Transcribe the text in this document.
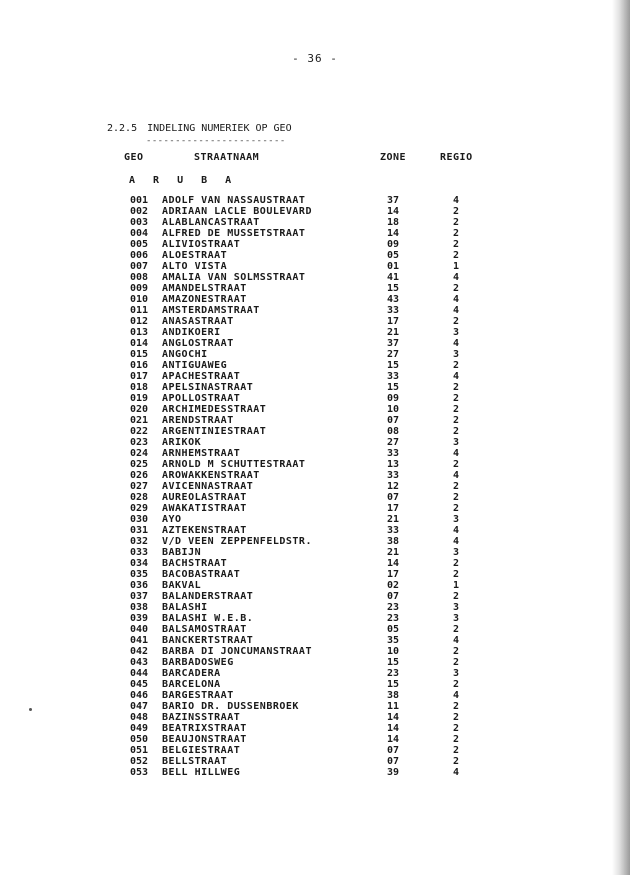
- 36 -
2.2.5 INDELING NUMERIEK OP GEO
------------------------
GEO	STRAATNAAM	ZONE	REGIO
A R U B A
001 ADOLF VAN NASSAUSTRAAT	37	4
002 ADRIAAN LACLE BOULEVARD	14	2
003 ALABLANCASTRAAT	18	2
004 ALFRED DE MUSSETSTRAAT	14	2
005 ALIVIOSTRAAT	09	2
006 ALOESTRAAT	05	2
007 ALTO VISTA	01	1
008 AMALIA VAN SOLMSSTRAAT	41	4
009 AMANDELSTRAAT	15	2
010 AMAZONESTRAAT	43	4
011 AMSTERDAMSTRAAT	33	4
012 ANASASTRAAT	17	2
013 ANDIKOERI	21	3
014 ANGLOSTRAAT	37	4
015 ANGOCHI	27	3
016 ANTIGUAWEG	15	2
017 APACHESTRAAT	33	4
018 APELSINASTRAAT	15	2
019 APOLLOSTRAAT	09	2
020 ARCHIMEDESSTRAAT	10	2
021 ARENDSTRAAT	07	2
022 ARGENTINIESTRAAT	08	2
023 ARIKOK	27	3
024 ARNHEMSTRAAT	33	4
025 ARNOLD M SCHUTTESTRAAT	13	2
026 AROWAKKENSTRAAT	33	4
027 AVICENNASTRAAT	12	2
028 AUREOLASTRAAT	07	2
029 AWAKATISTRAAT	17	2
030 AYO	21	3
031 AZTEKENSTRAAT	33	4
032 V/D VEEN ZEPPENFELDSTR.	38	4
033 BABIJN	21	3
034 BACHSTRAAT	14	2
035 BACOBASTRAAT	17	2
036 BAKVAL	02	1
037 BALANDERSTRAAT	07	2
038 BALASHI	23	3
039 BALASHI W.E.B.	23	3
040 BALSAMOSTRAAT	05	2
041 BANCKERTSTRAAT	35	4
042 BARBA DI JONCUMANSTRAAT	10	2
043 BARBADOSWEG	15	2
044 BARCADERA	23	3
045 BARCELONA	15	2
046 BARGESTRAAT	38	4
047 BARIO DR. DUSSENBROEK	11	2
048 BAZINSSTRAAT	14	2
049 BEATRIXSTRAAT	14	2
050 BEAUJONSTRAAT	14	2
051 BELGIESTRAAT	07	2
052 BELLSTRAAT	07	2
053 BELL HILLWEG	39	4
